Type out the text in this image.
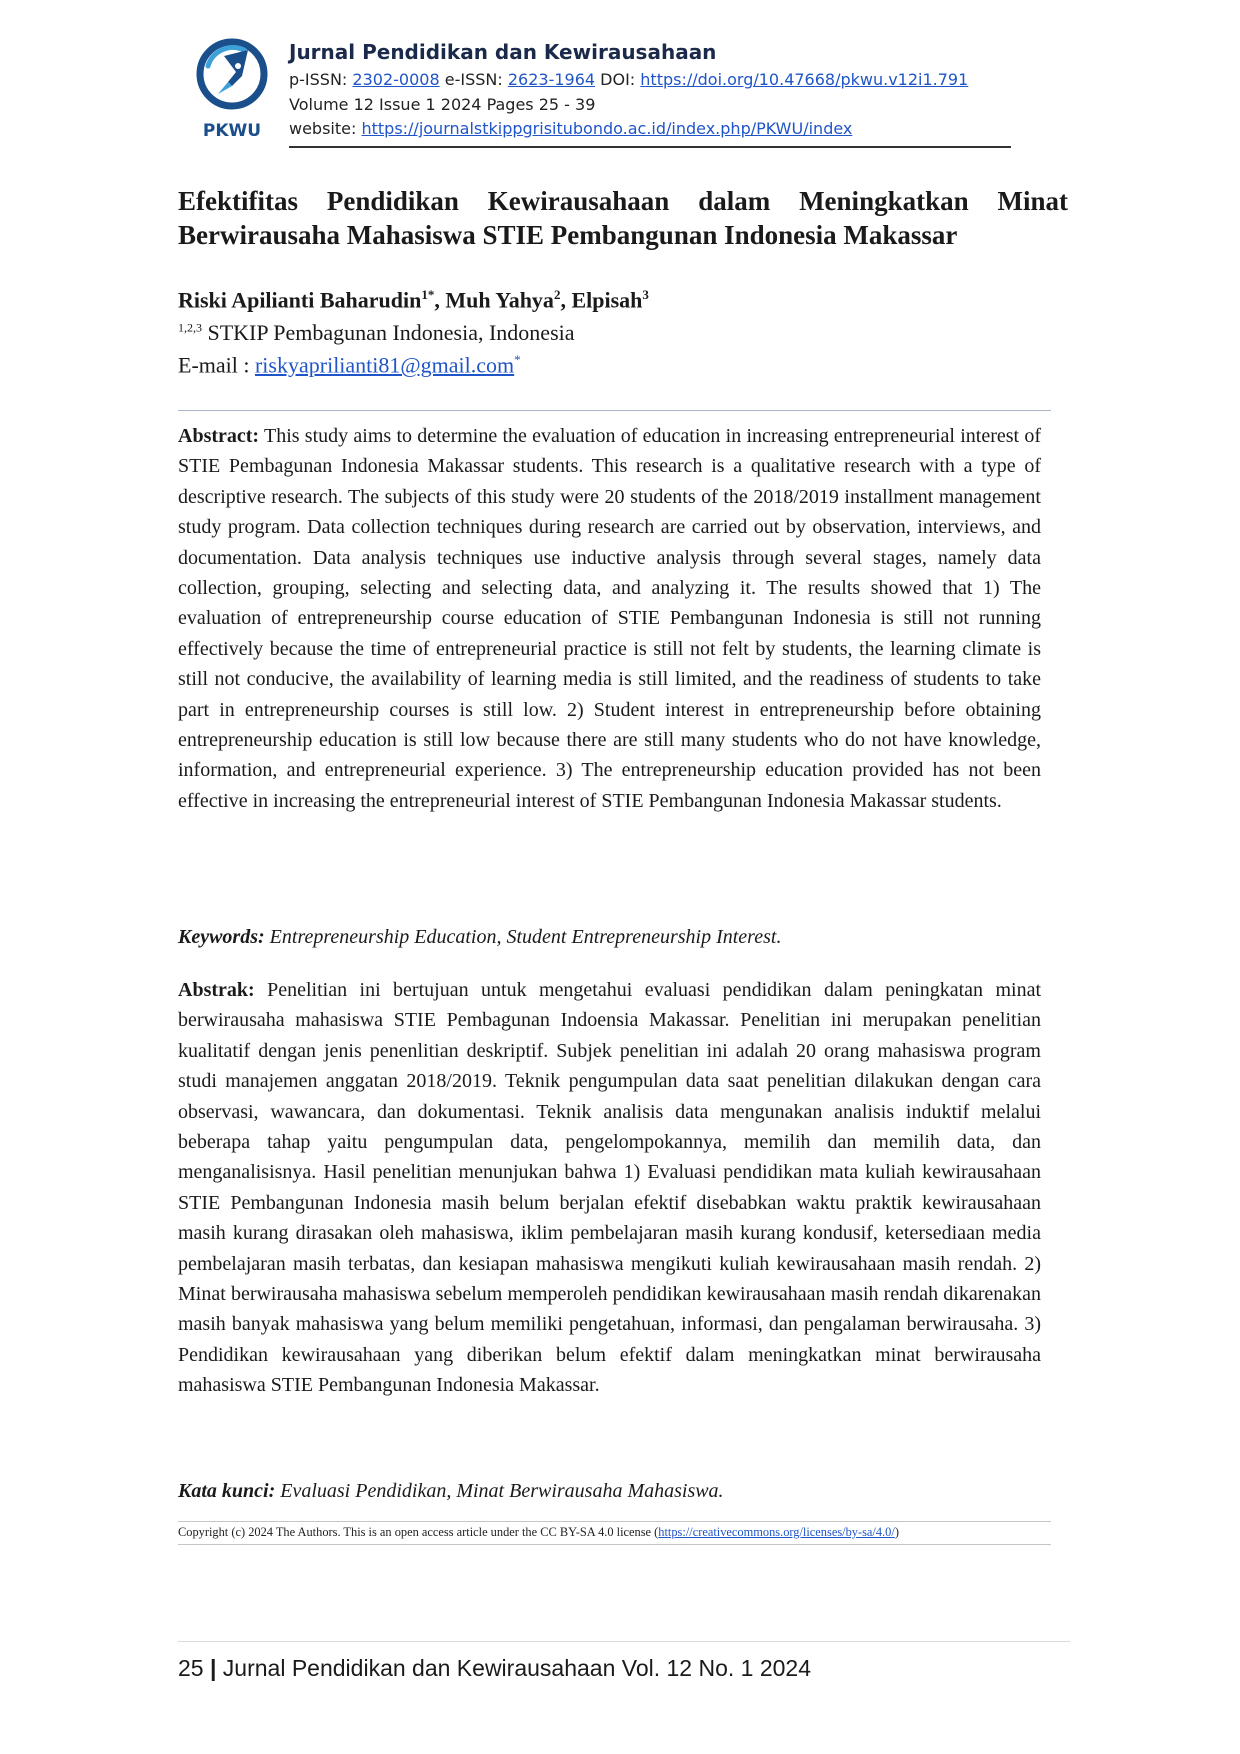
PKWU
Jurnal Pendidikan dan Kewirausahaan
p-ISSN: 2302-0008 e-ISSN: 2623-1964 DOI: https://doi.org/10.47668/pkwu.v12i1.791
Volume 12 Issue 1 2024 Pages 25 - 39
website: https://journalstkippgrisitubondo.ac.id/index.php/PKWU/index
Efektifitas Pendidikan Kewirausahaan dalam Meningkatkan Minat
Berwirausaha Mahasiswa STIE Pembangunan Indonesia Makassar
Riski Apilianti Baharudin$^{1*}$, Muh Yahya$^2$, Elpisah$^3$
$^{1,2,3}$ STKIP Pembagunan Indonesia, Indonesia
E-mail : riskyaprilianti81@gmail.com*
Abstract: This study aims to determine the evaluation of education in increasing entrepreneurial interest of STIE Pembagunan Indonesia Makassar students. This research is a qualitative research with a type of descriptive research. The subjects of this study were 20 students of the 2018/2019 installment management study program. Data collection techniques during research are carried out by observation, interviews, and documentation. Data analysis techniques use inductive analysis through several stages, namely data collection, grouping, selecting and selecting data, and analyzing it. The results showed that 1) The evaluation of entrepreneurship course education of STIE Pembangunan Indonesia is still not running effectively because the time of entrepreneurial practice is still not felt by students, the learning climate is still not conducive, the availability of learning media is still limited, and the readiness of students to take part in entrepreneurship courses is still low. 2) Student interest in entrepreneurship before obtaining entrepreneurship education is still low because there are still many students who do not have knowledge, information, and entrepreneurial experience. 3) The entrepreneurship education provided has not been effective in increasing the entrepreneurial interest of STIE Pembangunan Indonesia Makassar students.
Keywords: Entrepreneurship Education, Student Entrepreneurship Interest.
Abstrak: Penelitian ini bertujuan untuk mengetahui evaluasi pendidikan dalam peningkatan minat berwirausaha mahasiswa STIE Pembagunan Indoensia Makassar. Penelitian ini merupakan penelitian kualitatif dengan jenis penenlitian deskriptif. Subjek penelitian ini adalah 20 orang mahasiswa program studi manajemen anggatan 2018/2019. Teknik pengumpulan data saat penelitian dilakukan dengan cara observasi, wawancara, dan dokumentasi. Teknik analisis data mengunakan analisis induktif melalui beberapa tahap yaitu pengumpulan data, pengelompokannya, memilih dan memilih data, dan menganalisisnya. Hasil penelitian menunjukan bahwa 1) Evaluasi pendidikan mata kuliah kewirausahaan STIE Pembangunan Indonesia masih belum berjalan efektif disebabkan waktu praktik kewirausahaan masih kurang dirasakan oleh mahasiswa, iklim pembelajaran masih kurang kondusif, ketersediaan media pembelajaran masih terbatas, dan kesiapan mahasiswa mengikuti kuliah kewirausahaan masih rendah. 2) Minat berwirausaha mahasiswa sebelum memperoleh pendidikan kewirausahaan masih rendah dikarenakan masih banyak mahasiswa yang belum memiliki pengetahuan, informasi, dan pengalaman berwirausaha. 3) Pendidikan kewirausahaan yang diberikan belum efektif dalam meningkatkan minat berwirausaha mahasiswa STIE Pembangunan Indonesia Makassar.
Kata kunci: Evaluasi Pendidikan, Minat Berwirausaha Mahasiswa.
Copyright (c) 2024 The Authors. This is an open access article under the CC BY-SA 4.0 license (https://creativecommons.org/licenses/by-sa/4.0/)
25 | Jurnal Pendidikan dan Kewirausahaan Vol. 12 No. 1 2024
